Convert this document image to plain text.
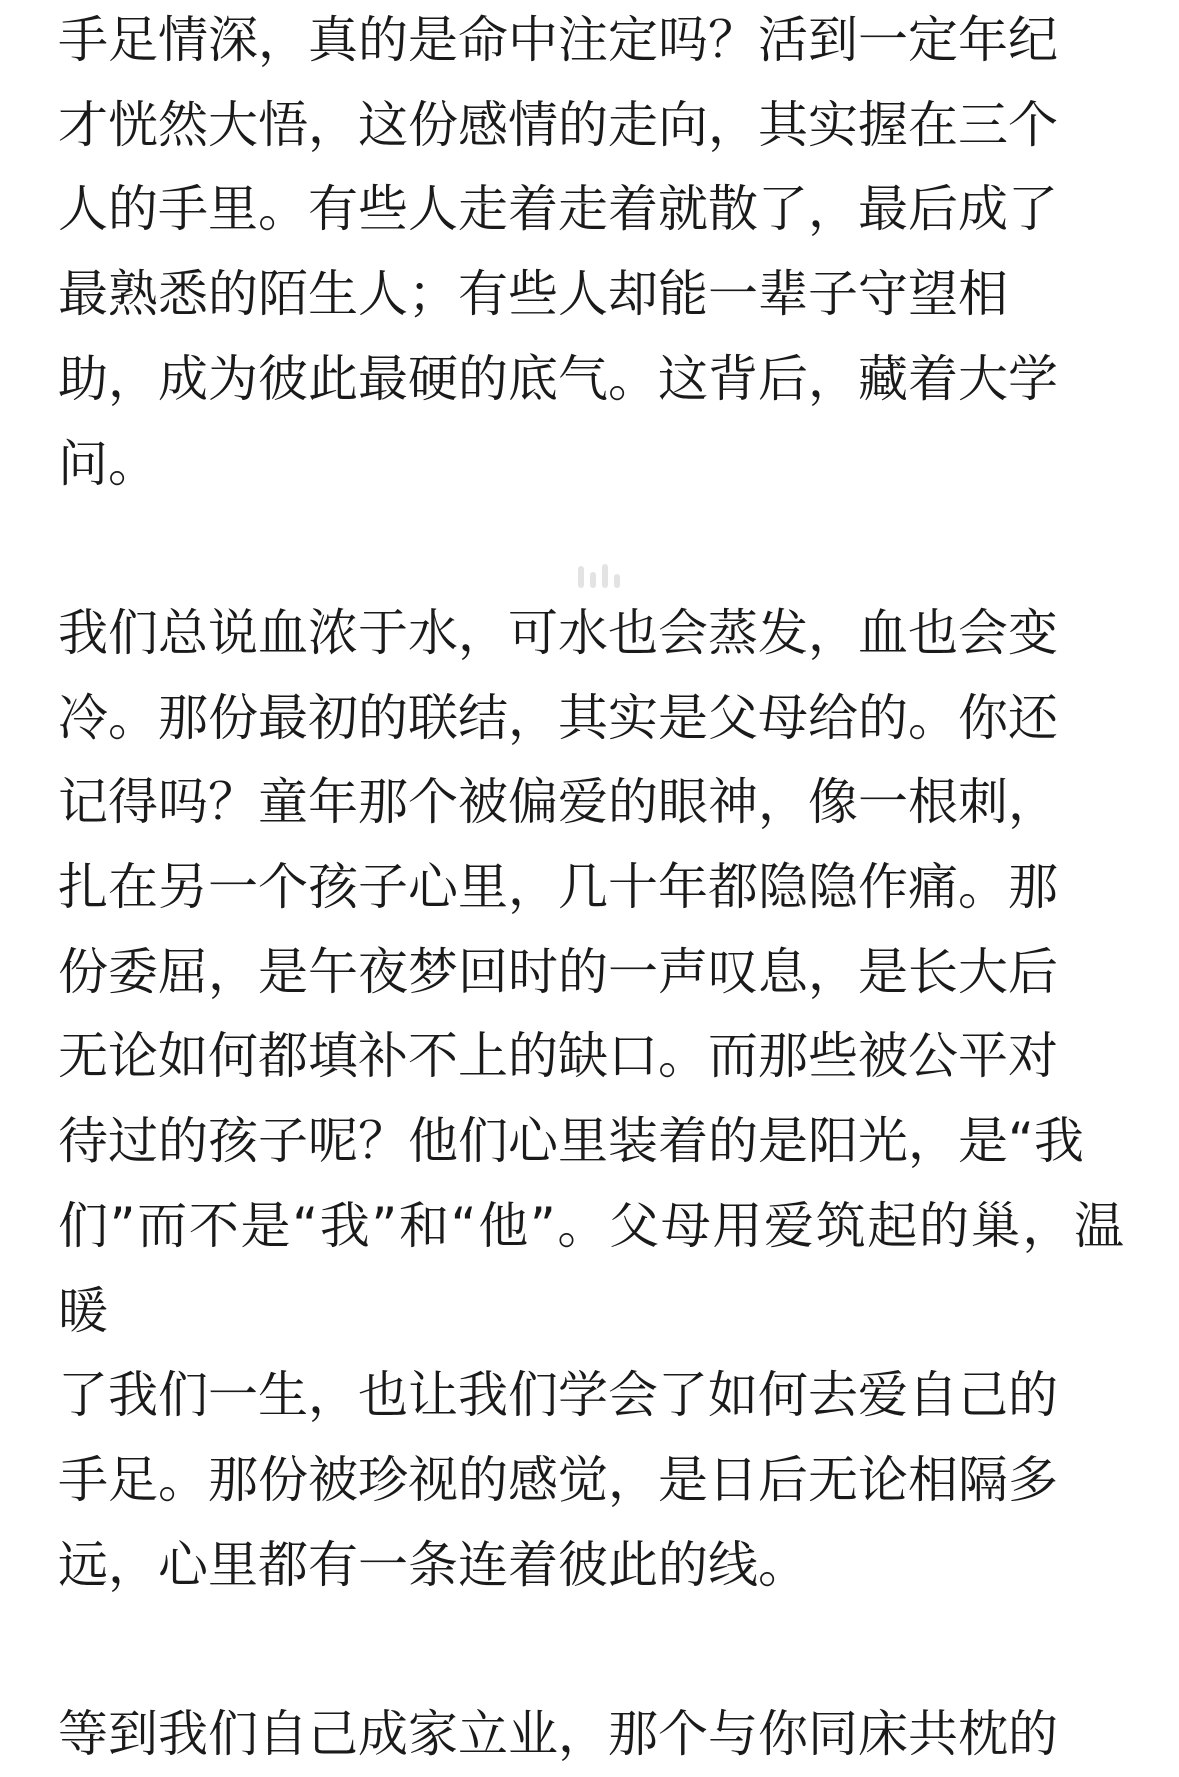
手足情深，真的是命中注定吗？活到一定年纪
才恍然大悟，这份感情的走向，其实握在三个
人的手里。有些人走着走着就散了，最后成了
最熟悉的陌生人；有些人却能一辈子守望相
助，成为彼此最硬的底气。这背后，藏着大学
问。

我们总说血浓于水，可水也会蒸发，血也会变
冷。那份最初的联结，其实是父母给的。你还
记得吗？童年那个被偏爱的眼神，像一根刺，
扎在另一个孩子心里，几十年都隐隐作痛。那
份委屈，是午夜梦回时的一声叹息，是长大后
无论如何都填补不上的缺口。而那些被公平对
待过的孩子呢？他们心里装着的是阳光，是“我
们”而不是“我”和“他”。父母用爱筑起的巢，温暖
了我们一生，也让我们学会了如何去爱自己的
手足。那份被珍视的感觉，是日后无论相隔多
远，心里都有一条连着彼此的线。

等到我们自己成家立业，那个与你同床共枕的
